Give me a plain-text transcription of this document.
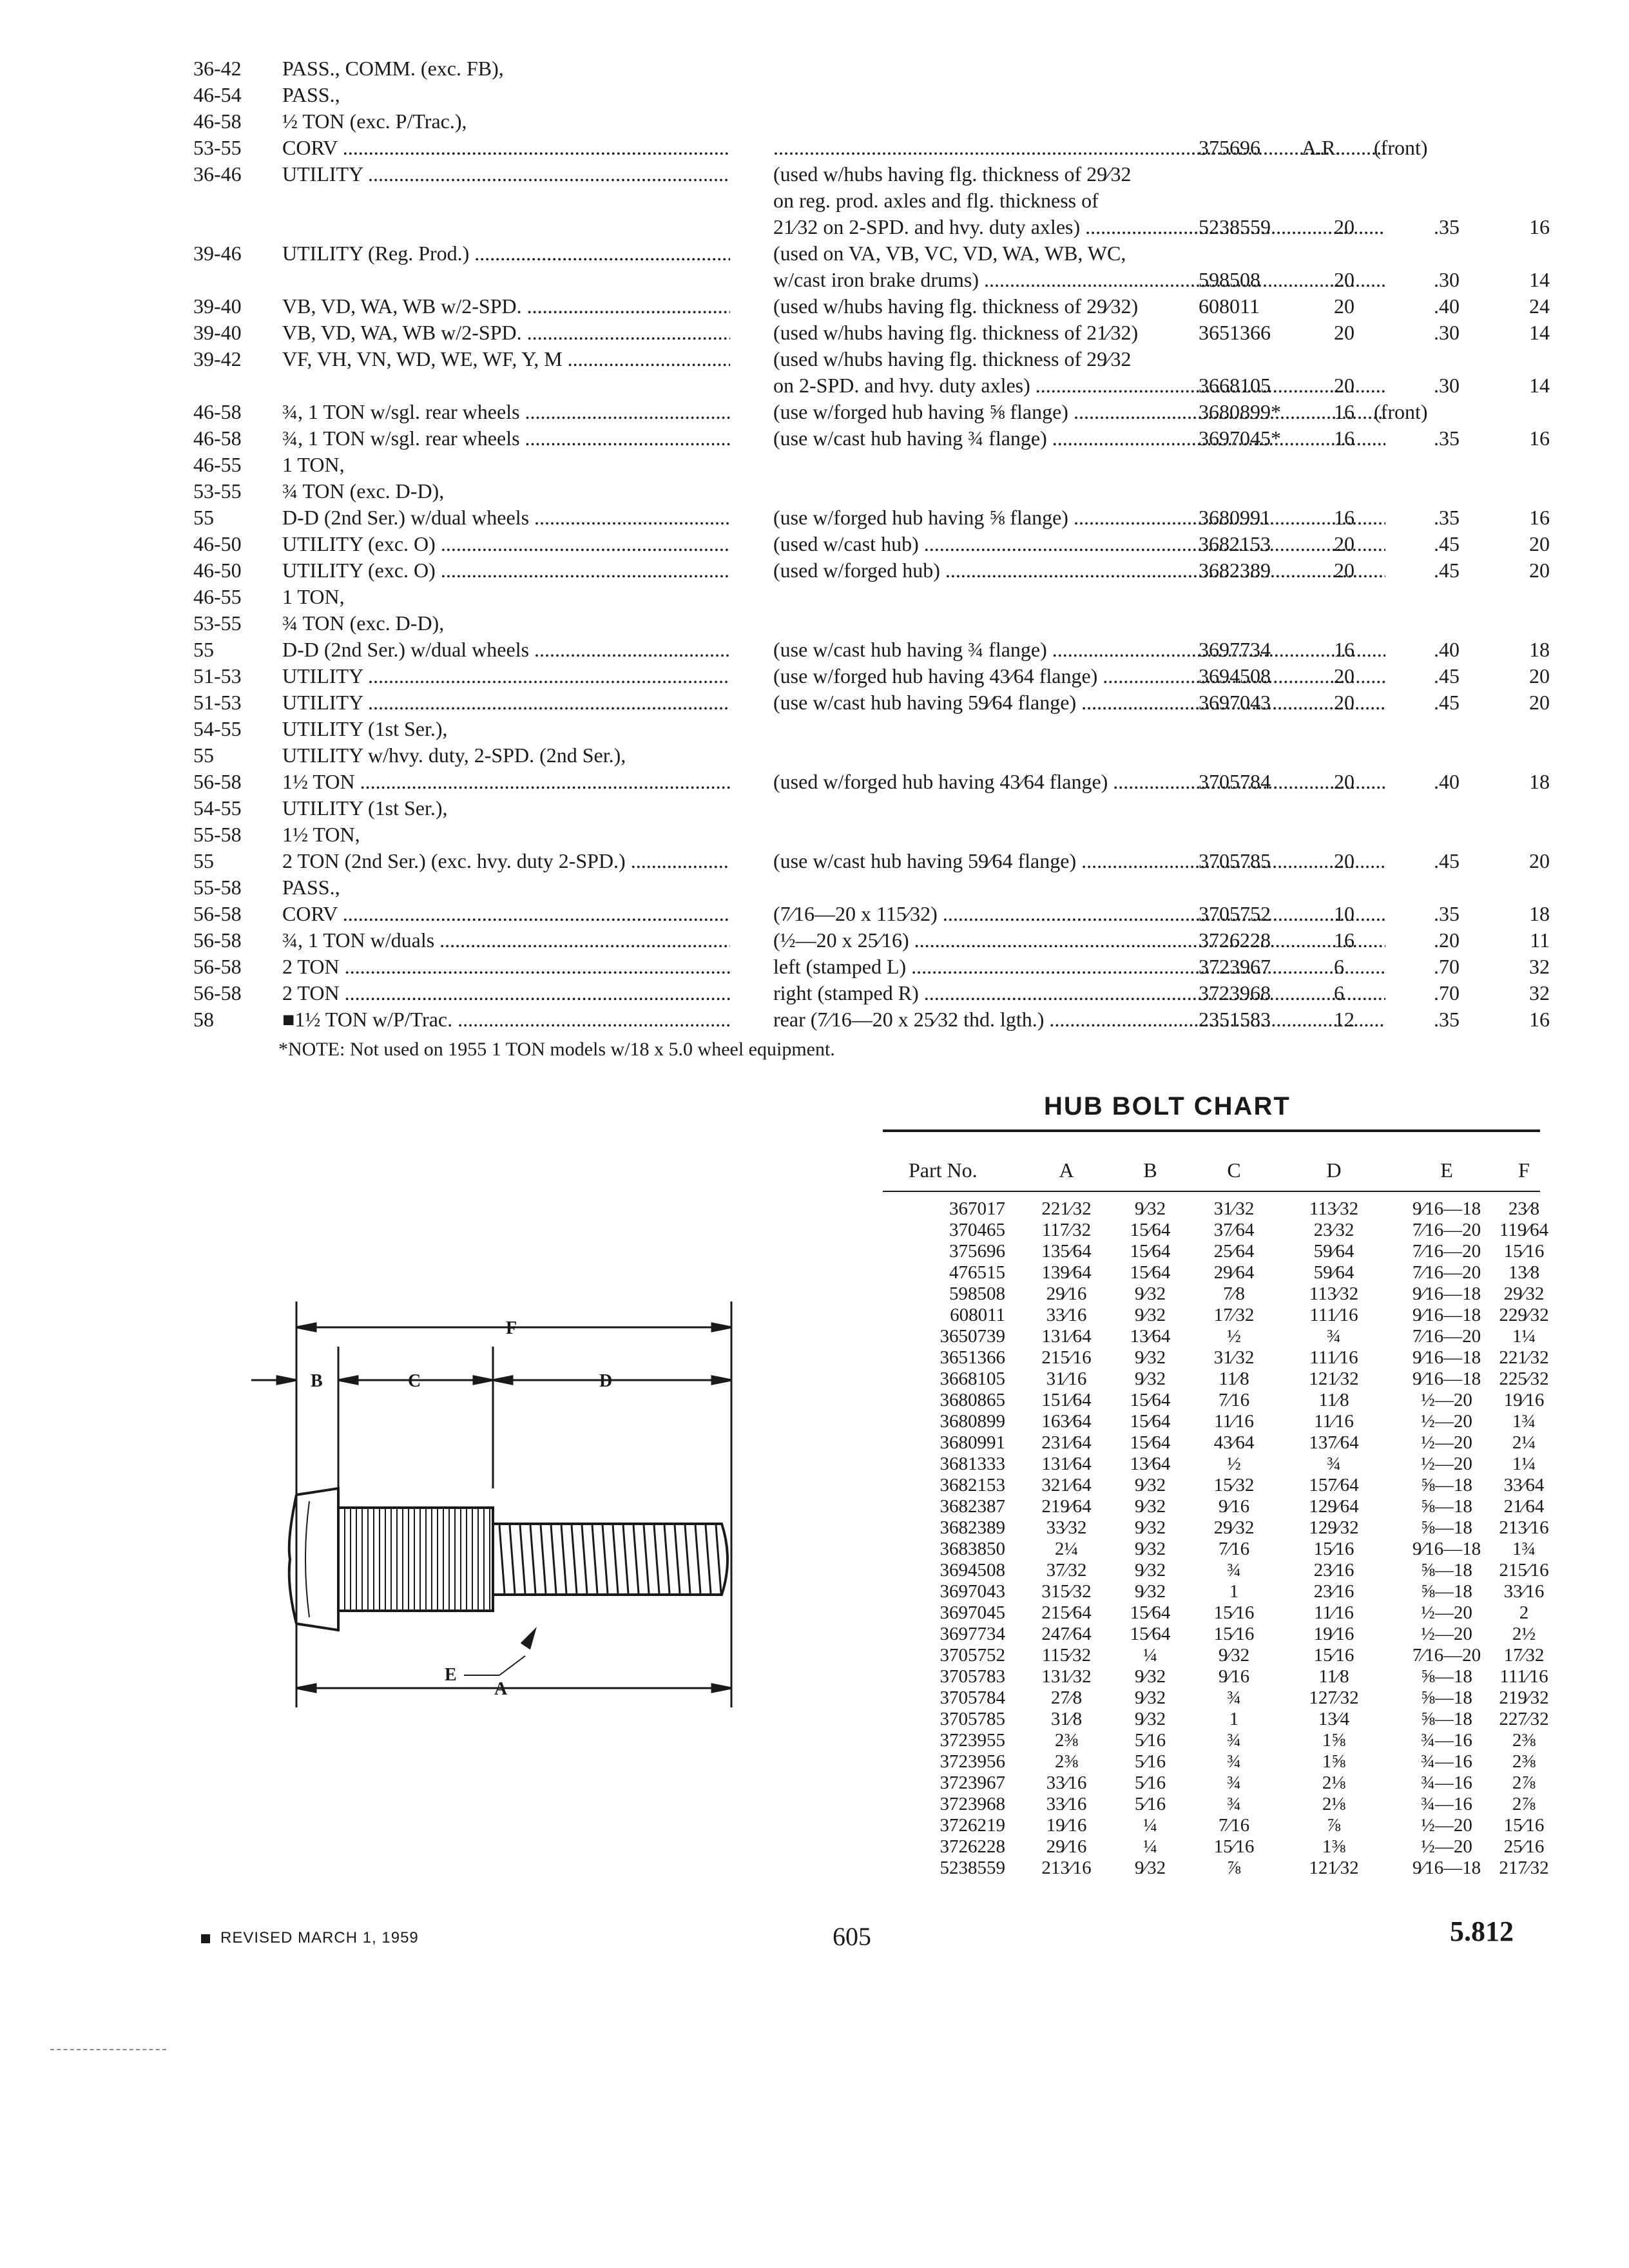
36-42 PASS., COMM. (exc. FB),
46-54 PASS.,
46-58 ½ TON (exc. P/Trac.),
53-55 CORV .....
.....	375696 A.R. (front)
36-46 UTILITY .....	(used w/hubs having flg. thickness of 29⁄32
on reg. prod. axles and flg. thickness of
21⁄32 on 2-SPD. and hvy. duty axles) .....	5238559	20	.35	16
39-46 UTILITY (Reg. Prod.) .....	(used on VA, VB, VC, VD, WA, WB, WC,
w/cast iron brake drums) .....	598508	20	.30	14
39-40 VB, VD, WA, WB w/2-SPD. .....	(used w/hubs having flg. thickness of 29⁄32)	608011	20	.40	24
39-40 VB, VD, WA, WB w/2-SPD. .....	(used w/hubs having flg. thickness of 21⁄32)	3651366	20	.30	14
39-42 VF, VH, VN, WD, WE, WF, Y, M .....	(used w/hubs having flg. thickness of 29⁄32
on 2-SPD. and hvy. duty axles) .....	3668105	20	.30	14
46-58 ¾, 1 TON w/sgl. rear wheels .....	(use w/forged hub having ⅝ flange) .....	3680899*	16 (front)
46-58 ¾, 1 TON w/sgl. rear wheels .....	(use w/cast hub having ¾ flange) .....	3697045*	16	.35	16
46-55 1 TON,
53-55 ¾ TON (exc. D-D),
55	D-D (2nd Ser.) w/dual wheels .....	(use w/forged hub having ⅝ flange) .....	3680991	16	.35	16
46-50 UTILITY (exc. O) .....	(used w/cast hub) .....	3682153	20	.45	20
46-50 UTILITY (exc. O) .....	(used w/forged hub) .....	3682389	20	.45	20
46-55 1 TON,
53-55 ¾ TON (exc. D-D),
55	D-D (2nd Ser.) w/dual wheels .....	(use w/cast hub having ¾ flange) .....	3697734	16	.40	18
51-53 UTILITY .....	(use w/forged hub having 43⁄64 flange) .....	3694508	20	.45	20
51-53 UTILITY .....	(use w/cast hub having 59⁄64 flange) .....	3697043	20	.45	20
54-55 UTILITY (1st Ser.),
55	UTILITY w/hvy. duty, 2-SPD. (2nd Ser.),
56-58 1½ TON .....	(used w/forged hub having 43⁄64 flange) .....	3705784	20	.40	18
54-55 UTILITY (1st Ser.),
55-58 1½ TON,
55	2 TON (2nd Ser.) (exc. hvy. duty 2-SPD.) .....	(use w/cast hub having 59⁄64 flange) .....	3705785	20	.45	20
55-58 PASS.,
56-58 CORV .....	(7⁄16—20 x 115⁄32) .....	3705752	10	.35	18
56-58 ¾, 1 TON w/duals .....	(½—20 x 25⁄16) .....	3726228	16	.20	11
56-58 2 TON .....	left (stamped L) .....	3723967	6	.70	32
56-58 2 TON .....	right (stamped R) .....	3723968	6	.70	32
58	■1½ TON w/P/Trac. .....	rear (7⁄16—20 x 25⁄32 thd. lgth.) .....	2351583	12	.35	16
*NOTE: Not used on 1955 1 TON models w/18 x 5.0 wheel equipment.
HUB BOLT CHART
Part No.	A	B	C	D	E	F
367017	221⁄32	9⁄32	31⁄32	113⁄32	9⁄16—18	23⁄8
370465	117⁄32	15⁄64	37⁄64	23⁄32	7⁄16—20 119⁄64
375696	135⁄64	15⁄64	25⁄64	59⁄64	7⁄16—20	15⁄16
476515	139⁄64	15⁄64	29⁄64	59⁄64	7⁄16—20	13⁄8
598508	29⁄16	9⁄32	7⁄8	113⁄32	9⁄16—18	29⁄32
608011	33⁄16	9⁄32	17⁄32	111⁄16	9⁄16—18 229⁄32
3650739	131⁄64	13⁄64	½	¾	7⁄16—20	1¼
3651366	215⁄16	9⁄32	31⁄32	111⁄16	9⁄16—18 221⁄32
3668105	31⁄16	9⁄32	11⁄8	121⁄32	9⁄16—18 225⁄32
3680865	151⁄64	15⁄64	7⁄16	11⁄8	½—20	19⁄16
3680899	163⁄64	15⁄64	11⁄16	11⁄16	½—20	1¾
3680991	231⁄64	15⁄64	43⁄64	137⁄64	½—20	2¼
3681333	131⁄64	13⁄64	½	¾	½—20	1¼
3682153	321⁄64	9⁄32	15⁄32	157⁄64	⅝—18	33⁄64
3682387	219⁄64	9⁄32	9⁄16	129⁄64	⅝—18	21⁄64
3682389	33⁄32	9⁄32	29⁄32	129⁄32	⅝—18	213⁄16
3683850	2¼	9⁄32	7⁄16	15⁄16	9⁄16—18	1¾
3694508	37⁄32	9⁄32	¾	23⁄16	⅝—18	215⁄16
3697043	315⁄32	9⁄32	1	23⁄16	⅝—18	33⁄16
3697045	215⁄64	15⁄64	15⁄16	11⁄16	½—20	2
3697734	247⁄64	15⁄64	15⁄16	19⁄16	½—20	2½
3705752	115⁄32	¼	9⁄32	15⁄16	7⁄16—20	17⁄32
3705783	131⁄32	9⁄32	9⁄16	11⁄8	⅝—18	111⁄16
3705784	27⁄8	9⁄32	¾	127⁄32	⅝—18	219⁄32
3705785	31⁄8	9⁄32	1	13⁄4	⅝—18	227⁄32
3723955	2⅜	5⁄16	¾	1⅝	¾—16	2⅜
3723956	2⅜	5⁄16	¾	1⅝	¾—16	2⅜
3723967	33⁄16	5⁄16	¾	2⅛	¾—16	2⅞
3723968	33⁄16	5⁄16	¾	2⅛	¾—16	2⅞
3726219	19⁄16	¼	7⁄16	⅞	½—20	15⁄16
3726228	29⁄16	¼	15⁄16	1⅜	½—20	25⁄16
5238559	213⁄16	9⁄32	⅞	121⁄32	9⁄16—18 217⁄32
F
B	C	D
E
A
REVISED MARCH 1, 1959	605	5.812
